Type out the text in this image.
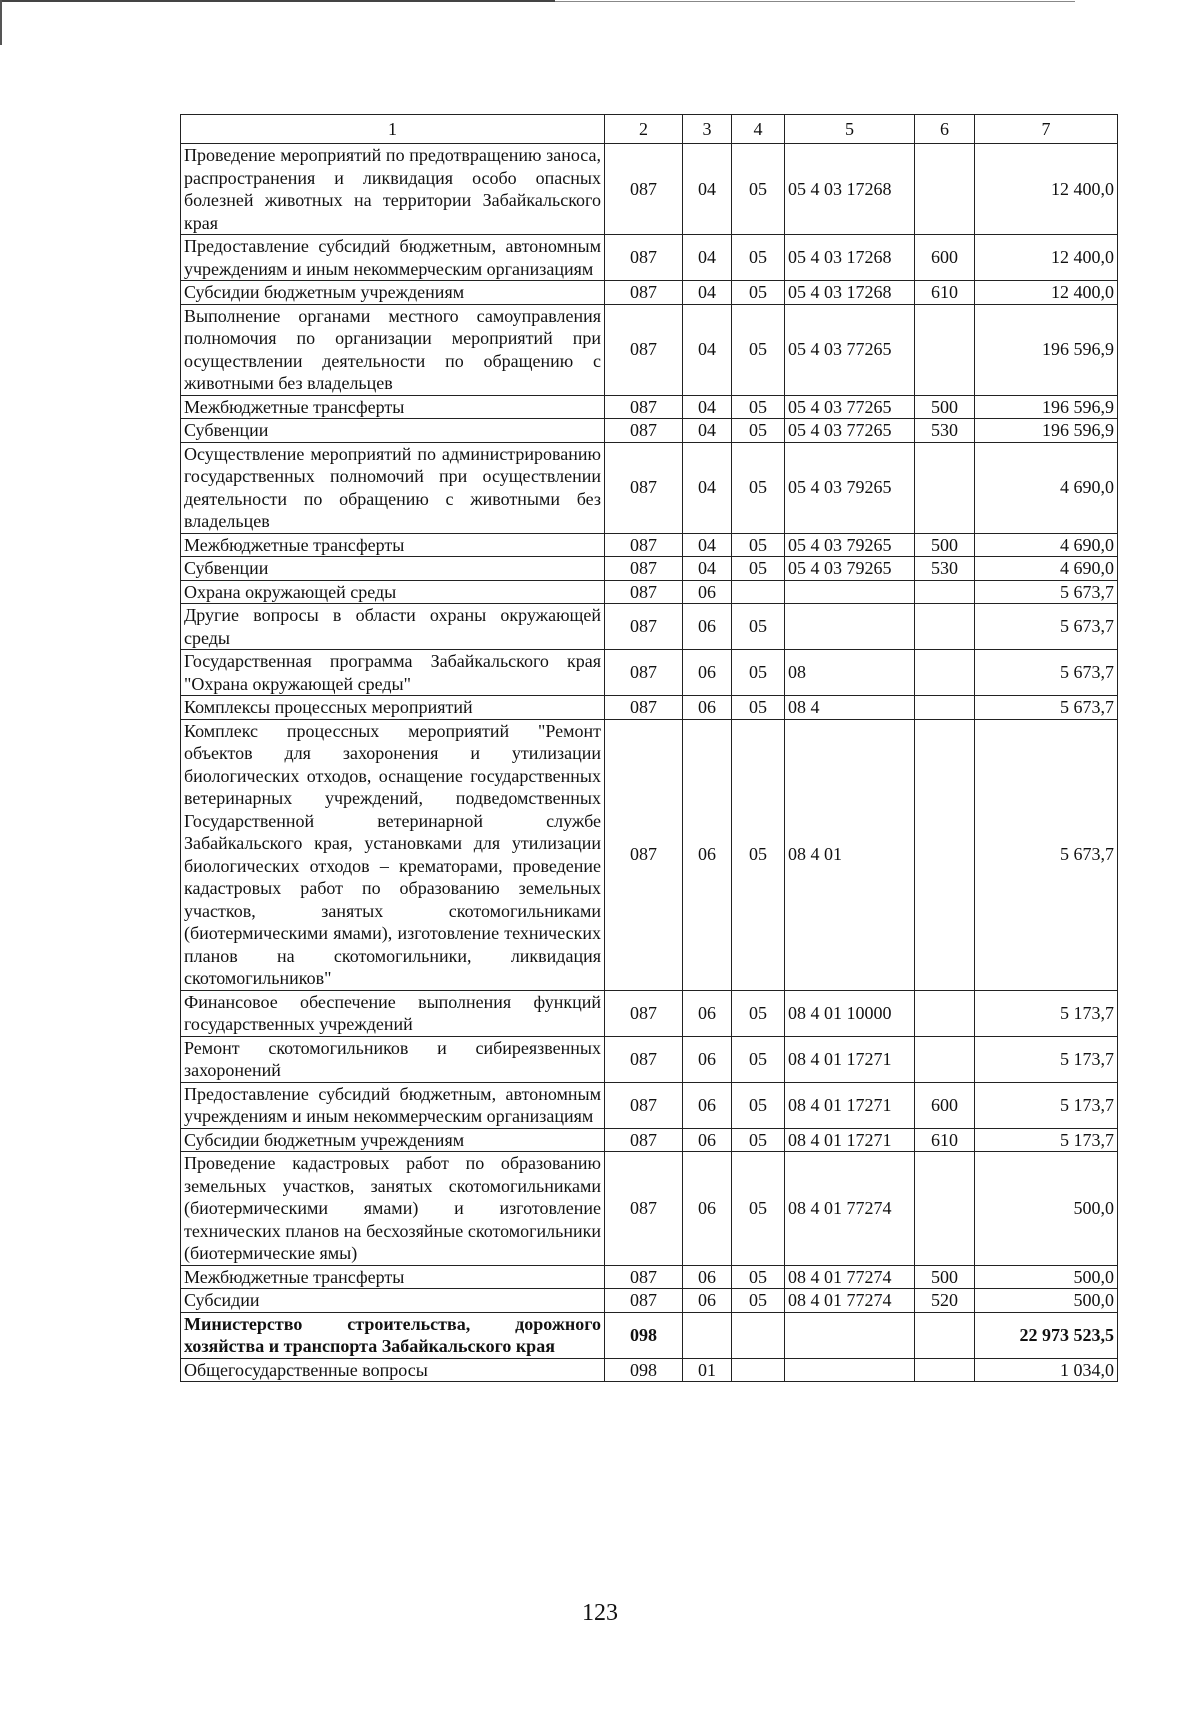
1	2	3	4	5	6	7
Проведение мероприятий по предотвращению заноса, распространения и ликвидация особо опасных болезней животных на территории Забайкальского края	087	04	05	05 4 03 17268		12 400,0
Предоставление субсидий бюджетным, автономным учреждениям и иным некоммерческим организациям	087	04	05	05 4 03 17268	600	12 400,0
Субсидии бюджетным учреждениям	087	04	05	05 4 03 17268	610	12 400,0
Выполнение органами местного самоуправления полномочия по организации мероприятий при осуществлении деятельности по обращению с животными без владельцев	087	04	05	05 4 03 77265		196 596,9
Межбюджетные трансферты	087	04	05	05 4 03 77265	500	196 596,9
Субвенции	087	04	05	05 4 03 77265	530	196 596,9
Осуществление мероприятий по администрированию государственных полномочий при осуществлении деятельности по обращению с животными без владельцев	087	04	05	05 4 03 79265		4 690,0
Межбюджетные трансферты	087	04	05	05 4 03 79265	500	4 690,0
Субвенции	087	04	05	05 4 03 79265	530	4 690,0
Охрана окружающей среды	087	06				5 673,7
Другие вопросы в области охраны окружающей среды	087	06	05			5 673,7
Государственная программа Забайкальского края "Охрана окружающей среды"	087	06	05	08		5 673,7
Комплексы процессных мероприятий	087	06	05	08 4		5 673,7
Комплекс процессных мероприятий "Ремонт объектов для захоронения и утилизации биологических отходов, оснащение государственных ветеринарных учреждений, подведомственных Государственной ветеринарной службе Забайкальского края, установками для утилизации биологических отходов – крематорами, проведение кадастровых работ по образованию земельных участков, занятых скотомогильниками (биотермическими ямами), изготовление технических планов на скотомогильники, ликвидация скотомогильников"	087	06	05	08 4 01		5 673,7
Финансовое обеспечение выполнения функций государственных учреждений	087	06	05	08 4 01 10000		5 173,7
Ремонт скотомогильников и сибиреязвенных захоронений	087	06	05	08 4 01 17271		5 173,7
Предоставление субсидий бюджетным, автономным учреждениям и иным некоммерческим организациям	087	06	05	08 4 01 17271	600	5 173,7
Субсидии бюджетным учреждениям	087	06	05	08 4 01 17271	610	5 173,7
Проведение кадастровых работ по образованию земельных участков, занятых скотомогильниками (биотермическими ямами) и изготовление технических планов на бесхозяйные скотомогильники (биотермические ямы)	087	06	05	08 4 01 77274		500,0
Межбюджетные трансферты	087	06	05	08 4 01 77274	500	500,0
Субсидии	087	06	05	08 4 01 77274	520	500,0
Министерство строительства, дорожного хозяйства и транспорта Забайкальского края	098					22 973 523,5
Общегосударственные вопросы	098	01				1 034,0
123
